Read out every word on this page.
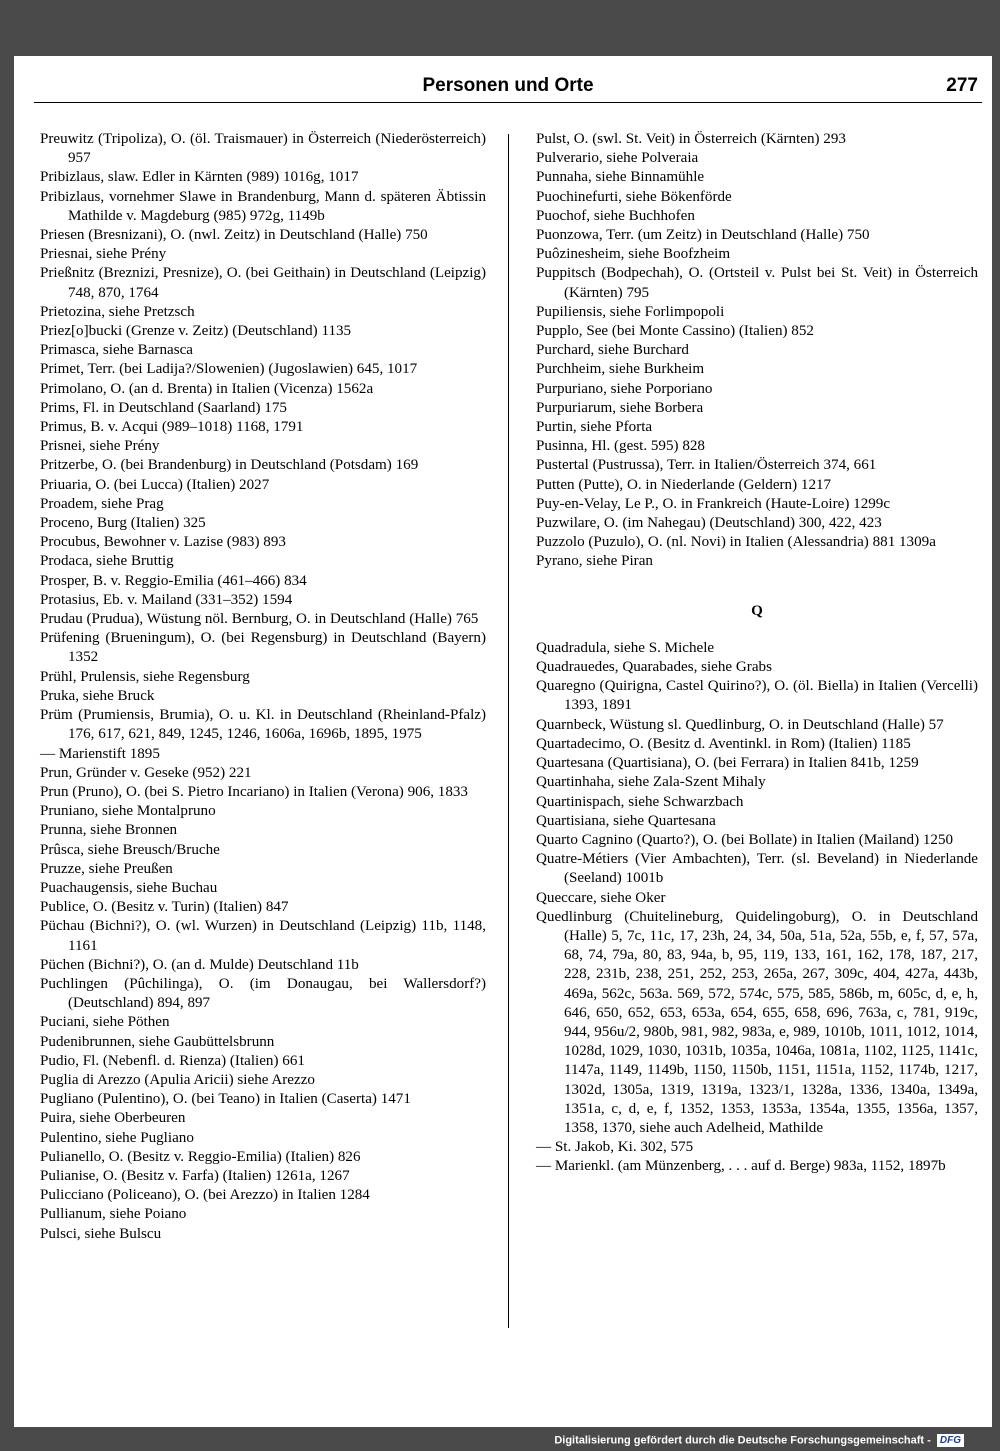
Personen und Orte	277
Preuwitz (Tripoliza), O. (öl. Traismauer) in Österreich (Niederösterreich) 957
Pribizlaus, slaw. Edler in Kärnten (989) 1016g, 1017
Pribizlaus, vornehmer Slawe in Brandenburg, Mann d. späteren Äbtissin Mathilde v. Magdeburg (985) 972g, 1149b
Priesen (Bresnizani), O. (nwl. Zeitz) in Deutschland (Halle) 750
Priesnai, siehe Prény
Prießnitz (Breznizi, Presnize), O. (bei Geithain) in Deutschland (Leipzig) 748, 870, 1764
Prietozina, siehe Pretzsch
Priez[o]bucki (Grenze v. Zeitz) (Deutschland) 1135
Primasca, siehe Barnasca
Primet, Terr. (bei Ladija?/Slowenien) (Jugoslawien) 645, 1017
Primolano, O. (an d. Brenta) in Italien (Vicenza) 1562a
Prims, Fl. in Deutschland (Saarland) 175
Primus, B. v. Acqui (989–1018) 1168, 1791
Prisnei, siehe Prény
Pritzerbe, O. (bei Brandenburg) in Deutschland (Potsdam) 169
Priuaria, O. (bei Lucca) (Italien) 2027
Proadem, siehe Prag
Proceno, Burg (Italien) 325
Procubus, Bewohner v. Lazise (983) 893
Prodaca, siehe Bruttig
Prosper, B. v. Reggio-Emilia (461–466) 834
Protasius, Eb. v. Mailand (331–352) 1594
Prudau (Prudua), Wüstung nöl. Bernburg, O. in Deutschland (Halle) 765
Prüfening (Brueningum), O. (bei Regensburg) in Deutschland (Bayern) 1352
Prühl, Prulensis, siehe Regensburg
Pruka, siehe Bruck
Prüm (Prumiensis, Brumia), O. u. Kl. in Deutschland (Rheinland-Pfalz) 176, 617, 621, 849, 1245, 1246, 1606a, 1696b, 1895, 1975
— Marienstift 1895
Prun, Gründer v. Geseke (952) 221
Prun (Pruno), O. (bei S. Pietro Incariano) in Italien (Verona) 906, 1833
Pruniano, siehe Montalpruno
Prunna, siehe Bronnen
Prûsca, siehe Breusch/Bruche
Pruzze, siehe Preußen
Puachaugensis, siehe Buchau
Publice, O. (Besitz v. Turin) (Italien) 847
Püchau (Bichni?), O. (wl. Wurzen) in Deutschland (Leipzig) 11b, 1148, 1161
Püchen (Bichni?), O. (an d. Mulde) Deutschland 11b
Puchlingen (Pûchilinga), O. (im Donaugau, bei Wallersdorf?) (Deutschland) 894, 897
Puciani, siehe Pöthen
Pudenibrunnen, siehe Gaubüttelsbrunn
Pudio, Fl. (Nebenfl. d. Rienza) (Italien) 661
Puglia di Arezzo (Apulia Aricii) siehe Arezzo
Pugliano (Pulentino), O. (bei Teano) in Italien (Caserta) 1471
Puira, siehe Oberbeuren
Pulentino, siehe Pugliano
Pulianello, O. (Besitz v. Reggio-Emilia) (Italien) 826
Pulianise, O. (Besitz v. Farfa) (Italien) 1261a, 1267
Pulicciano (Policeano), O. (bei Arezzo) in Italien 1284
Pullianum, siehe Poiano
Pulsci, siehe Bulscu
Pulst, O. (swl. St. Veit) in Österreich (Kärnten) 293
Pulverario, siehe Polveraia
Punnaha, siehe Binnamühle
Puochinefurti, siehe Bökenförde
Puochof, siehe Buchhofen
Puonzowa, Terr. (um Zeitz) in Deutschland (Halle) 750
Puôzinesheim, siehe Boofzheim
Puppitsch (Bodpechah), O. (Ortsteil v. Pulst bei St. Veit) in Österreich (Kärnten) 795
Pupiliensis, siehe Forlimpopoli
Pupplo, See (bei Monte Cassino) (Italien) 852
Purchard, siehe Burchard
Purchheim, siehe Burkheim
Purpuriano, siehe Porporiano
Purpuriarum, siehe Borbera
Purtin, siehe Pforta
Pusinna, Hl. (gest. 595) 828
Pustertal (Pustrussa), Terr. in Italien/Österreich 374, 661
Putten (Putte), O. in Niederlande (Geldern) 1217
Puy-en-Velay, Le P., O. in Frankreich (Haute-Loire) 1299c
Puzwilare, O. (im Nahegau) (Deutschland) 300, 422, 423
Puzzolo (Puzulo), O. (nl. Novi) in Italien (Alessandria) 881 1309a
Pyrano, siehe Piran
Q
Quadradula, siehe S. Michele
Quadrauedes, Quarabades, siehe Grabs
Quaregno (Quirigna, Castel Quirino?), O. (öl. Biella) in Italien (Vercelli) 1393, 1891
Quarnbeck, Wüstung sl. Quedlinburg, O. in Deutschland (Halle) 57
Quartadecimo, O. (Besitz d. Aventinkl. in Rom) (Italien) 1185
Quartesana (Quartisiana), O. (bei Ferrara) in Italien 841b, 1259
Quartinhaha, siehe Zala-Szent Mihaly
Quartinispach, siehe Schwarzbach
Quartisiana, siehe Quartesana
Quarto Cagnino (Quarto?), O. (bei Bollate) in Italien (Mailand) 1250
Quatre-Métiers (Vier Ambachten), Terr. (sl. Beveland) in Niederlande (Seeland) 1001b
Queccare, siehe Oker
Quedlinburg (Chuitelineburg, Quidelingoburg), O. in Deutschland (Halle) 5, 7c, 11c, 17, 23h, 24, 34, 50a, 51a, 52a, 55b, e, f, 57, 57a, 68, 74, 79a, 80, 83, 94a, b, 95, 119, 133, 161, 162, 178, 187, 217, 228, 231b, 238, 251, 252, 253, 265a, 267, 309c, 404, 427a, 443b, 469a, 562c, 563a. 569, 572, 574c, 575, 585, 586b, m, 605c, d, e, h, 646, 650, 652, 653, 653a, 654, 655, 658, 696, 763a, c, 781, 919c, 944, 956u/2, 980b, 981, 982, 983a, e, 989, 1010b, 1011, 1012, 1014, 1028d, 1029, 1030, 1031b, 1035a, 1046a, 1081a, 1102, 1125, 1141c, 1147a, 1149, 1149b, 1150, 1150b, 1151, 1151a, 1152, 1174b, 1217, 1302d, 1305a, 1319, 1319a, 1323/1, 1328a, 1336, 1340a, 1349a, 1351a, c, d, e, f, 1352, 1353, 1353a, 1354a, 1355, 1356a, 1357, 1358, 1370, siehe auch Adelheid, Mathilde
— St. Jakob, Ki. 302, 575
— Marienkl. (am Münzenberg, . . . auf d. Berge) 983a, 1152, 1897b
Digitalisierung gefördert durch die Deutsche Forschungsgemeinschaft - DFG
